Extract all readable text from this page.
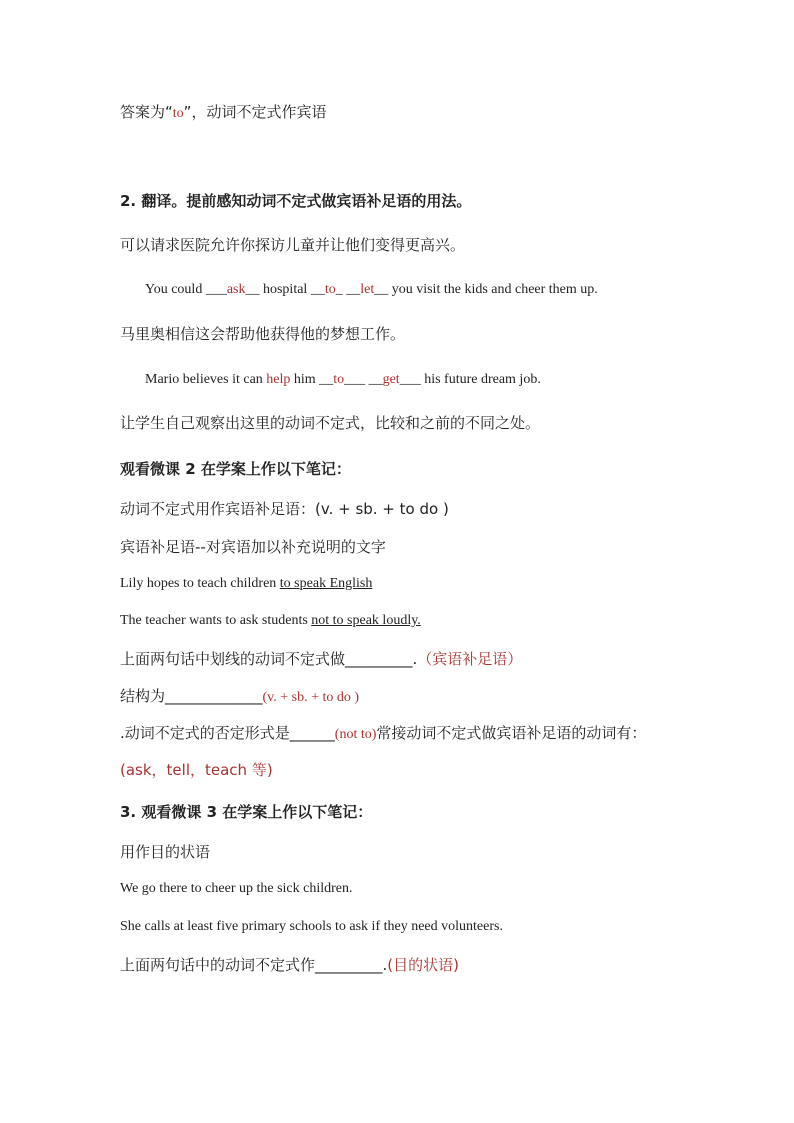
答案为“to”，动词不定式作宾语
2. 翻译。提前感知动词不定式做宾语补足语的用法。
可以请求医院允许你探访儿童并让他们变得更高兴。
You could ___ask__ hospital __to_ __let__ you visit the kids and cheer them up.
马里奥相信这会帮助他获得他的梦想工作。
Mario believes it can help him __to___ __get___ his future dream job.
让学生自己观察出这里的动词不定式，比较和之前的不同之处。
观看微课 2 在学案上作以下笔记：
动词不定式用作宾语补足语：(v. + sb. + to do )
宾语补足语--对宾语加以补充说明的文字
Lily hopes to teach children to speak English
The teacher wants to ask students not to speak loudly.
上面两句话中划线的动词不定式做_________.（宾语补足语）
结构为_____________(v. + sb. + to do )
.动词不定式的否定形式是______(not to)常接动词不定式做宾语补足语的动词有：
(ask，tell，teach 等)
3. 观看微课 3 在学案上作以下笔记：
用作目的状语
We go there to cheer up the sick children.
She calls at least five primary schools to ask if they need volunteers.
上面两句话中的动词不定式作_________.(目的状语)
